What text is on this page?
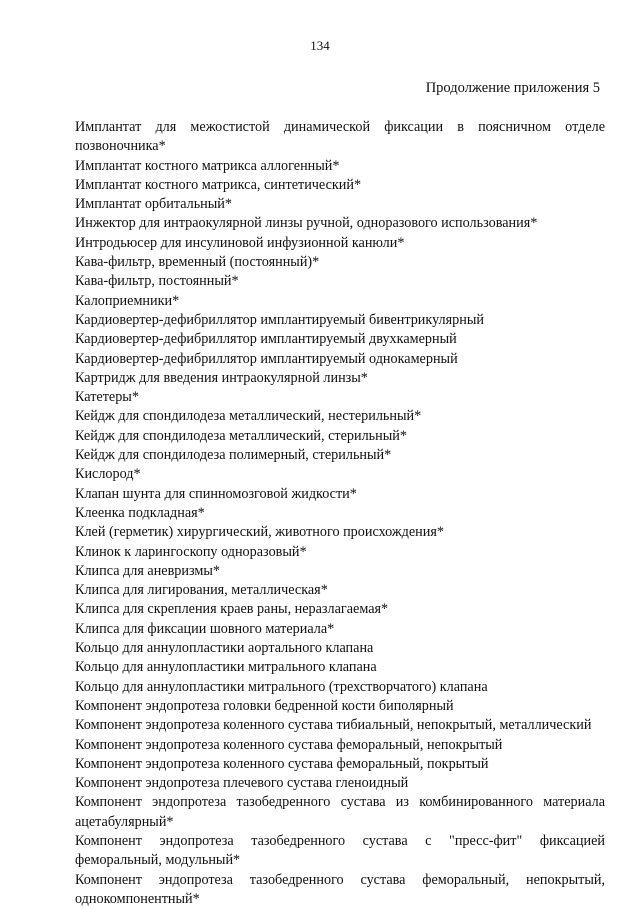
134
Продолжение приложения 5
Имплантат для межостистой динамической фиксации в поясничном отделе позвоночника*
Имплантат костного матрикса аллогенный*
Имплантат костного матрикса, синтетический*
Имплантат орбитальный*
Инжектор для интраокулярной линзы ручной, одноразового использования*
Интродьюсер для инсулиновой инфузионной канюли*
Кава-фильтр, временный (постоянный)*
Кава-фильтр, постоянный*
Калоприемники*
Кардиовертер-дефибриллятор имплантируемый бивентрикулярный
Кардиовертер-дефибриллятор имплантируемый двухкамерный
Кардиовертер-дефибриллятор имплантируемый однокамерный
Картридж для введения интраокулярной линзы*
Катетеры*
Кейдж для спондилодеза металлический, нестерильный*
Кейдж для спондилодеза металлический, стерильный*
Кейдж для спондилодеза полимерный, стерильный*
Кислород*
Клапан шунта для спинномозговой жидкости*
Клеенка подкладная*
Клей (герметик) хирургический, животного происхождения*
Клинок к ларингоскопу одноразовый*
Клипса для аневризмы*
Клипса для лигирования, металлическая*
Клипса для скрепления краев раны, неразлагаемая*
Клипса для фиксации шовного материала*
Кольцо для аннулопластики аортального клапана
Кольцо для аннулопластики митрального клапана
Кольцо для аннулопластики митрального (трехстворчатого) клапана
Компонент эндопротеза головки бедренной кости биполярный
Компонент эндопротеза коленного сустава тибиальный, непокрытый, металлический
Компонент эндопротеза коленного сустава феморальный, непокрытый
Компонент эндопротеза коленного сустава феморальный, покрытый
Компонент эндопротеза плечевого сустава гленоидный
Компонент эндопротеза тазобедренного сустава из комбинированного материала ацетабулярный*
Компонент эндопротеза тазобедренного сустава с "пресс-фит" фиксацией феморальный, модульный*
Компонент эндопротеза тазобедренного сустава феморальный, непокрытый, однокомпонентный*
